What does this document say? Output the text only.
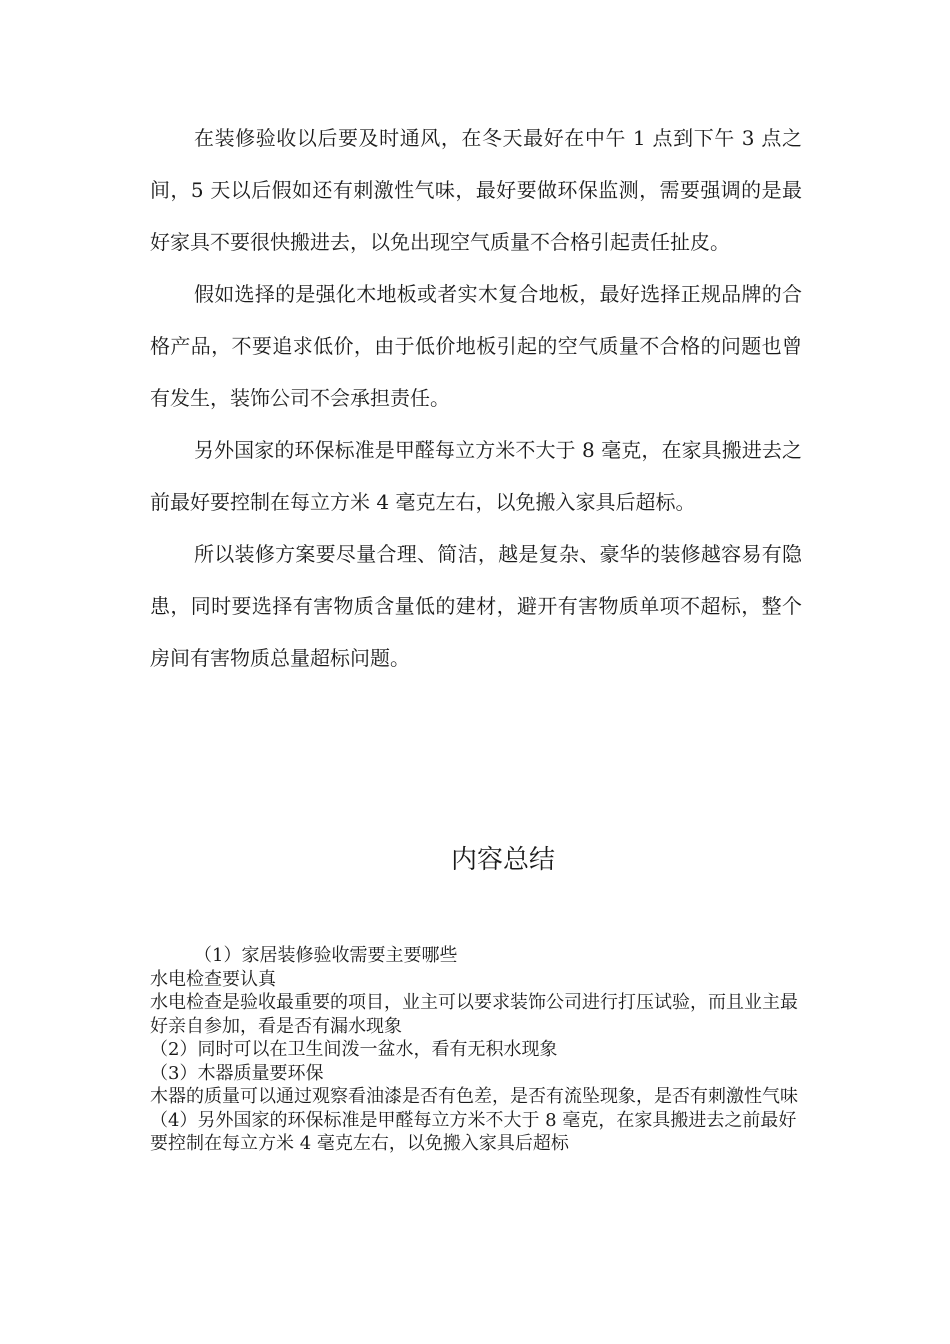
在装修验收以后要及时通风，在冬天最好在中午 1 点到下午 3 点之间，5 天以后假如还有刺激性气味，最好要做环保监测，需要强调的是最好家具不要很快搬进去，以免出现空气质量不合格引起责任扯皮。

假如选择的是强化木地板或者实木复合地板，最好选择正规品牌的合格产品，不要追求低价，由于低价地板引起的空气质量不合格的问题也曾有发生，装饰公司不会承担责任。

另外国家的环保标准是甲醛每立方米不大于 8 毫克，在家具搬进去之前最好要控制在每立方米 4 毫克左右，以免搬入家具后超标。

所以装修方案要尽量合理、简洁，越是复杂、豪华的装修越容易有隐患，同时要选择有害物质含量低的建材，避开有害物质单项不超标，整个房间有害物质总量超标问题。

内容总结
（1）家居装修验收需要主要哪些
水电检查要认真
水电检查是验收最重要的项目，业主可以要求装饰公司进行打压试验，而且业主最好亲自参加，看是否有漏水现象
（2）同时可以在卫生间泼一盆水，看有无积水现象
（3）木器质量要环保
木器的质量可以通过观察看油漆是否有色差，是否有流坠现象，是否有刺激性气味
（4）另外国家的环保标准是甲醛每立方米不大于 8 毫克，在家具搬进去之前最好要控制在每立方米 4 毫克左右，以免搬入家具后超标
